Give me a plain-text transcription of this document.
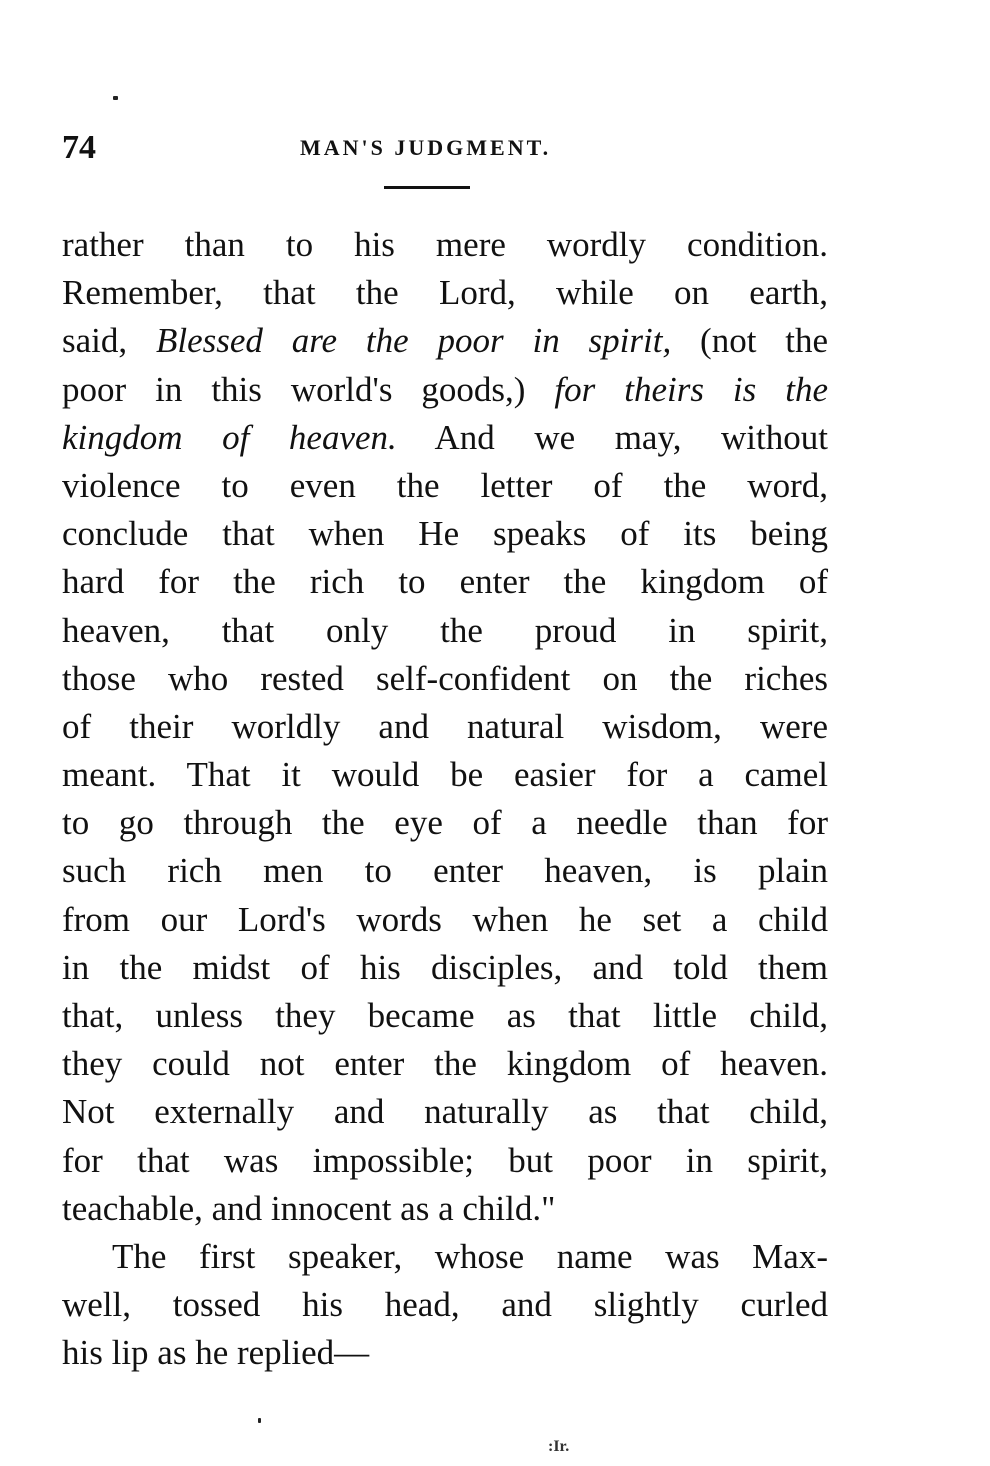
74	MAN'S JUDGMENT.
rather than to his mere wordly condition.
Remember, that the Lord, while on earth,
said, Blessed are the poor in spirit, (not the
poor in this world's goods,) for theirs is the
kingdom of heaven. And we may, without
violence to even the letter of the word,
conclude that when He speaks of its being
hard for the rich to enter the kingdom of
heaven, that only the proud in spirit,
those who rested self-confident on the riches
of their worldly and natural wisdom, were
meant. That it would be easier for a camel
to go through the eye of a needle than for
such rich men to enter heaven, is plain
from our Lord's words when he set a child
in the midst of his disciples, and told them
that, unless they became as that little child,
they could not enter the kingdom of heaven.
Not externally and naturally as that child,
for that was impossible; but poor in spirit,
teachable, and innocent as a child."
The first speaker, whose name was Max-
well, tossed his head, and slightly curled
his lip as he replied—
:Ir.
